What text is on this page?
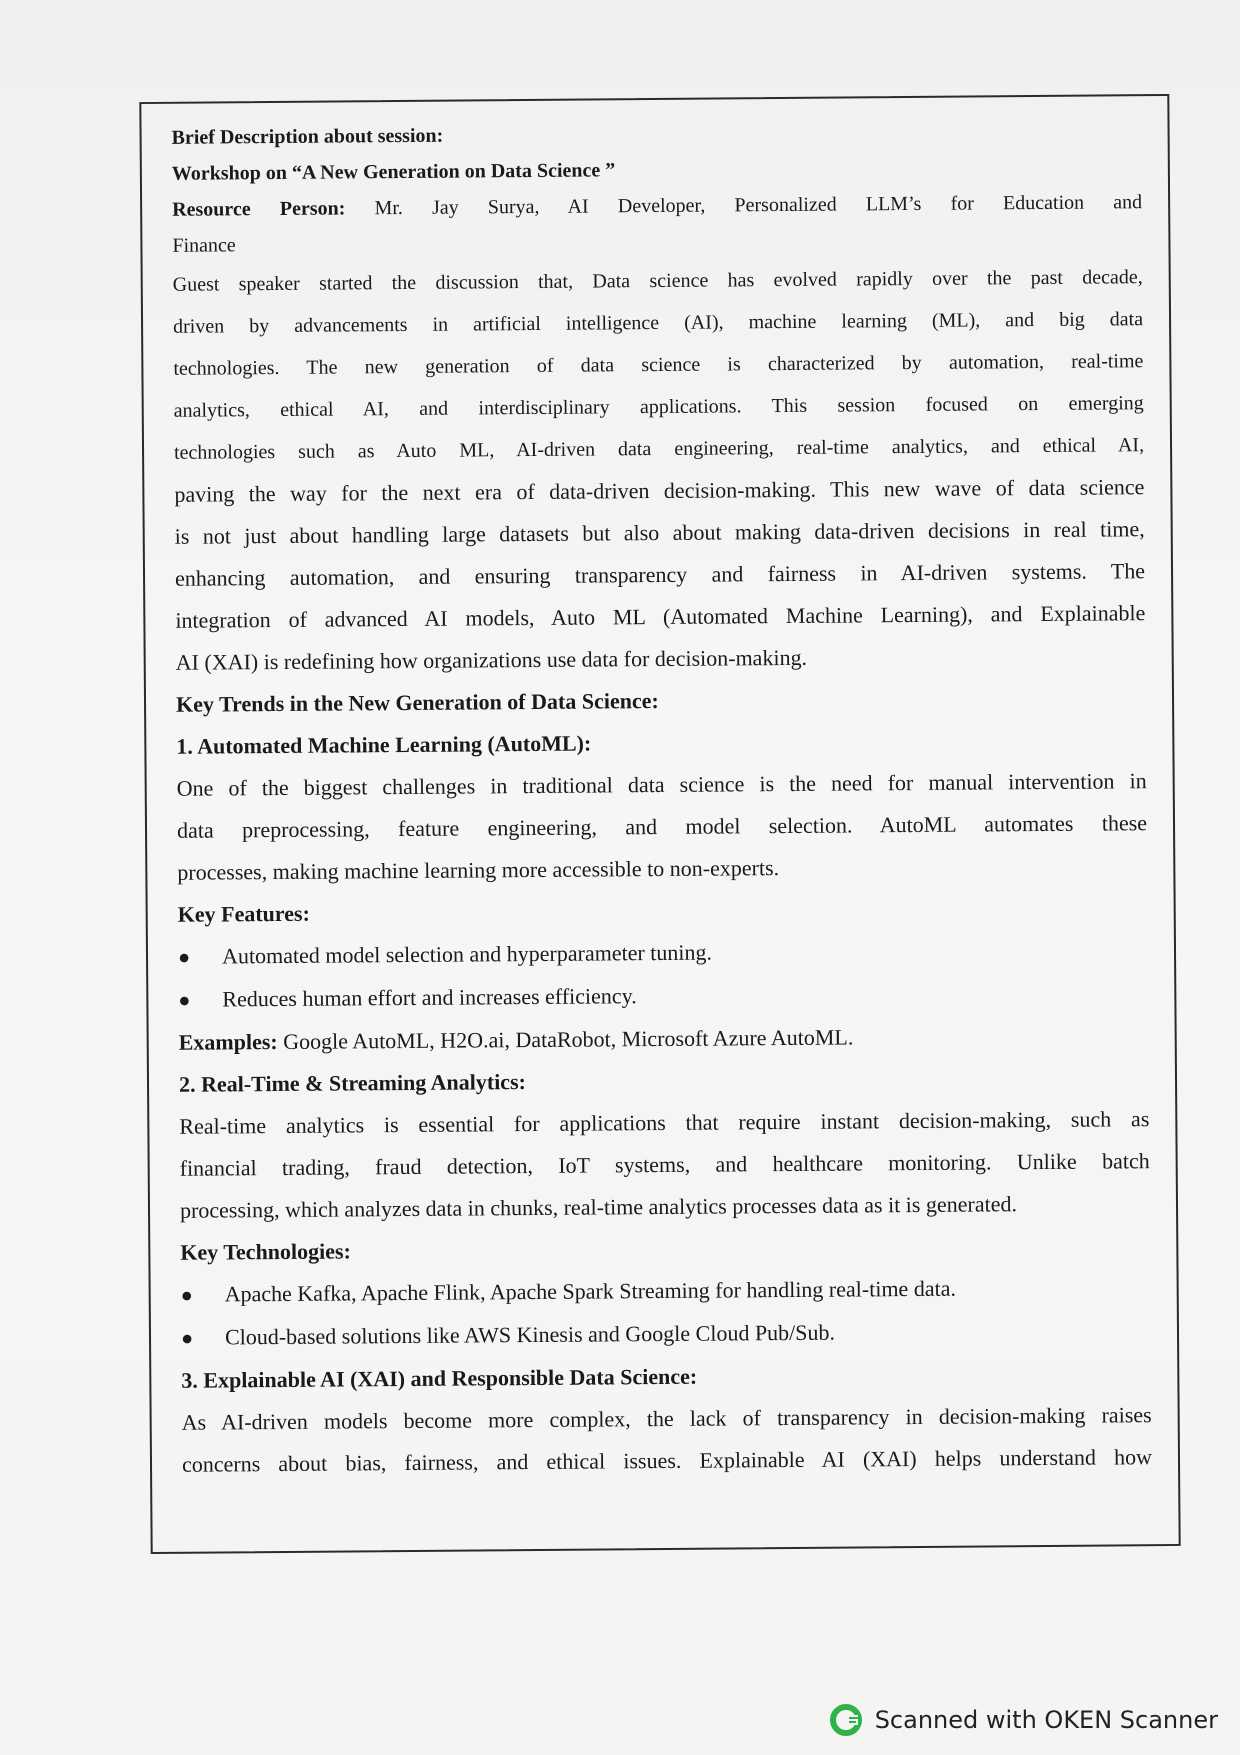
Brief Description about session:

Workshop on “A New Generation on Data Science ”

Resource Person: Mr. Jay Surya, AI Developer, Personalized LLM’s for Education and

Finance

Guest speaker started the discussion that, Data science has evolved rapidly over the past decade,

driven by advancements in artificial intelligence (AI), machine learning (ML), and big data

technologies. The new generation of data science is characterized by automation, real-time

analytics, ethical AI, and interdisciplinary applications. This session focused on emerging

technologies such as Auto ML, AI-driven data engineering, real-time analytics, and ethical AI,

paving the way for the next era of data-driven decision-making. This new wave of data science

is not just about handling large datasets but also about making data-driven decisions in real time,

enhancing automation, and ensuring transparency and fairness in AI-driven systems. The

integration of advanced AI models, Auto ML (Automated Machine Learning), and Explainable

AI (XAI) is redefining how organizations use data for decision-making.

Key Trends in the New Generation of Data Science:

1. Automated Machine Learning (AutoML):

One of the biggest challenges in traditional data science is the need for manual intervention in

data preprocessing, feature engineering, and model selection. AutoML automates these

processes, making machine learning more accessible to non-experts.

Key Features:

●	Automated model selection and hyperparameter tuning.
●	Reduces human effort and increases efficiency.

Examples: Google AutoML, H2O.ai, DataRobot, Microsoft Azure AutoML.

2. Real-Time & Streaming Analytics:

Real-time analytics is essential for applications that require instant decision-making, such as

financial trading, fraud detection, IoT systems, and healthcare monitoring. Unlike batch

processing, which analyzes data in chunks, real-time analytics processes data as it is generated.

Key Technologies:

●	Apache Kafka, Apache Flink, Apache Spark Streaming for handling real-time data.
●	Cloud-based solutions like AWS Kinesis and Google Cloud Pub/Sub.

3. Explainable AI (XAI) and Responsible Data Science:

As AI-driven models become more complex, the lack of transparency in decision-making raises

concerns about bias, fairness, and ethical issues. Explainable AI (XAI) helps understand how

Scanned with OKEN Scanner
